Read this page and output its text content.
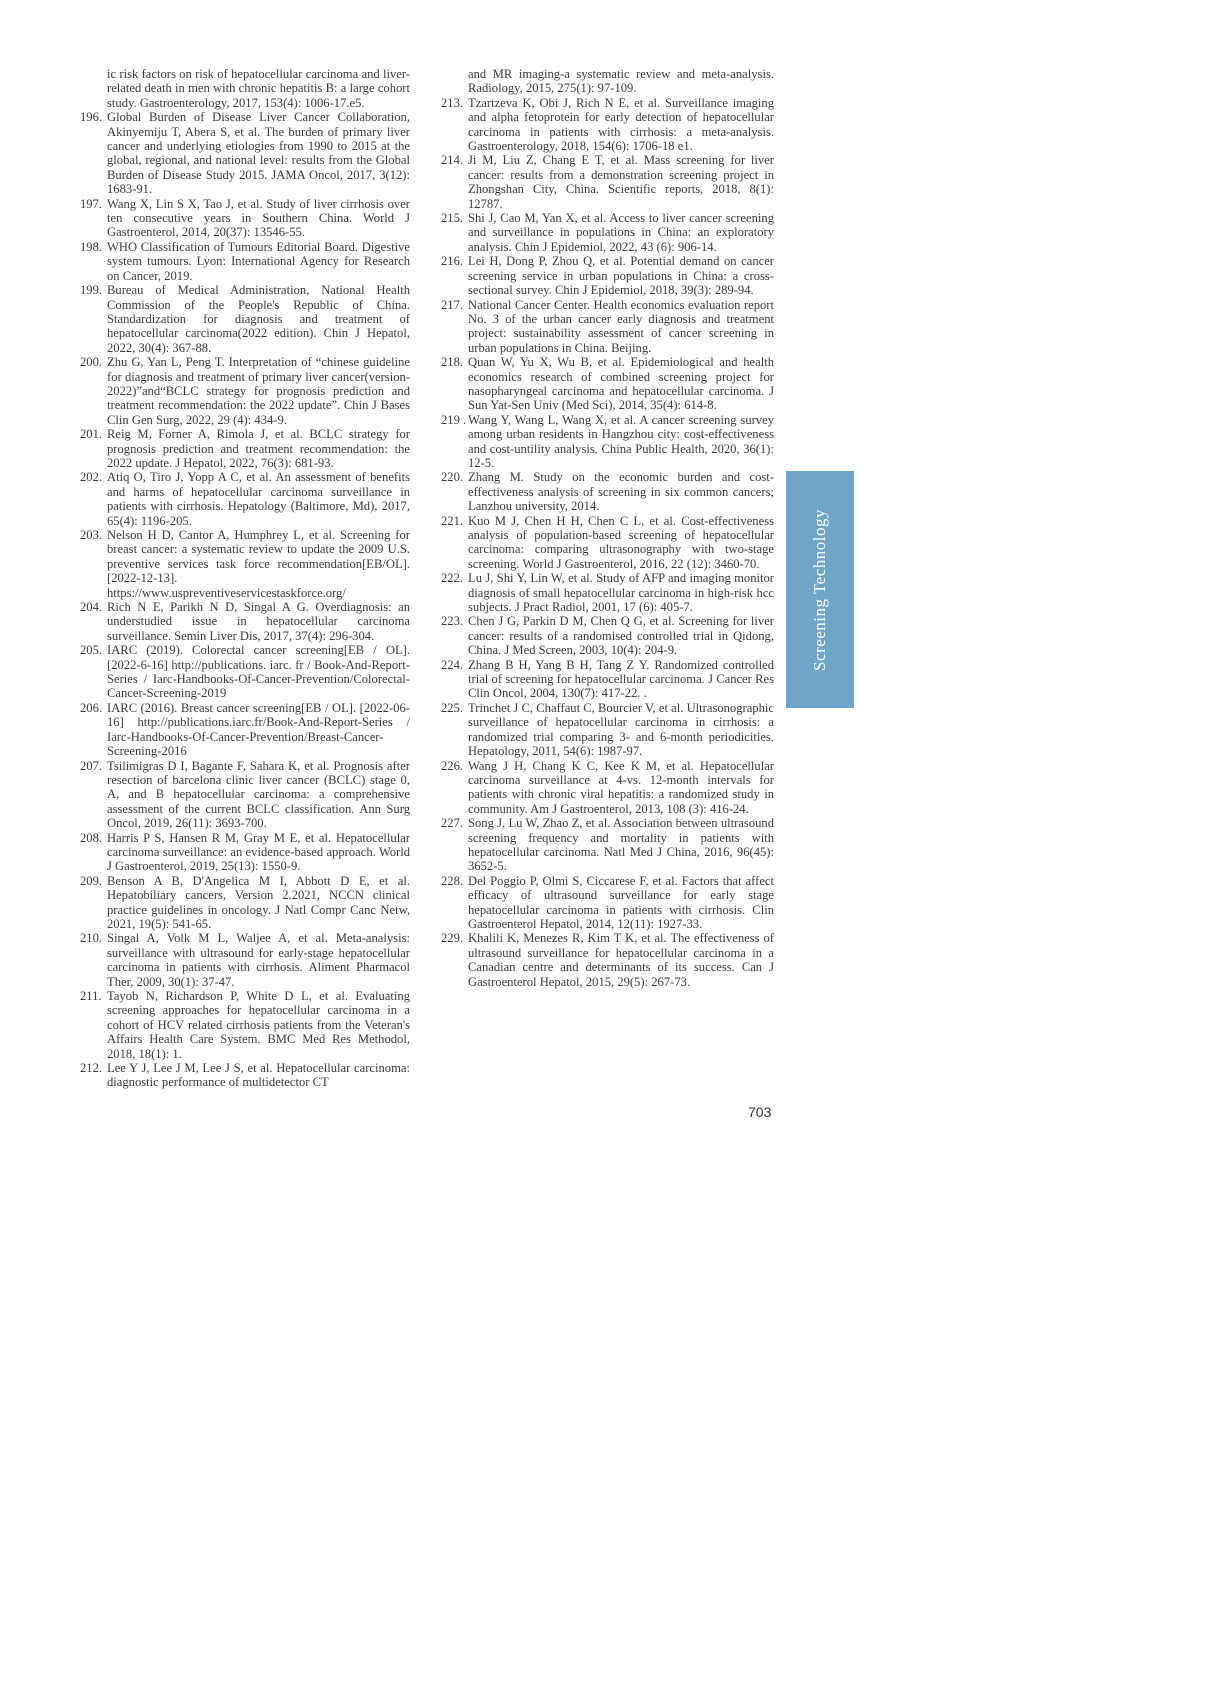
ic risk factors on risk of hepatocellular carcinoma and liver-related death in men with chronic hepatitis B: a large cohort study. Gastroenterology, 2017, 153(4): 1006-17.e5.

196. Global Burden of Disease Liver Cancer Collaboration, Akinyemiju T, Abera S, et al. The burden of primary liver cancer and underlying etiologies from 1990 to 2015 at the global, regional, and national level: results from the Global Burden of Disease Study 2015. JAMA Oncol, 2017, 3(12): 1683-91.

197. Wang X, Lin S X, Tao J, et al. Study of liver cirrhosis over ten consecutive years in Southern China. World J Gastroenterol, 2014, 20(37): 13546-55.

198. WHO Classification of Tumours Editorial Board. Digestive system tumours. Lyon: International Agency for Research on Cancer, 2019.

199. Bureau of Medical Administration, National Health Commission of the People's Republic of China. Standardization for diagnosis and treatment of hepatocellular carcinoma(2022 edition). Chin J Hepatol, 2022, 30(4): 367-88.

200. Zhu G, Yan L, Peng T. Interpretation of “chinese guideline for diagnosis and treatment of primary liver cancer(version-2022)”and“BCLC strategy for prognosis prediction and treatment recommendation: the 2022 update”. Chin J Bases Clin Gen Surg, 2022, 29 (4): 434-9.

201. Reig M, Forner A, Rimola J, et al. BCLC strategy for prognosis prediction and treatment recommendation: the 2022 update. J Hepatol, 2022, 76(3): 681-93.

202. Atiq O, Tiro J, Yopp A C, et al. An assessment of benefits and harms of hepatocellular carcinoma surveillance in patients with cirrhosis. Hepatology (Baltimore, Md), 2017, 65(4): 1196-205.

203. Nelson H D, Cantor A, Humphrey L, et al. Screening for breast cancer: a systematic review to update the 2009 U.S. preventive services task force recommendation[EB/OL]. [2022-12-13]. https://www.uspreventiveservicestaskforce.org/

204. Rich N E, Parikh N D, Singal A G. Overdiagnosis: an understudied issue in hepatocellular carcinoma surveillance. Semin Liver Dis, 2017, 37(4): 296-304.

205. IARC (2019). Colorectal cancer screening[EB / OL]. [2022-6-16] http://publications. iarc. fr / Book-And-Report-Series / Iarc-Handbooks-Of-Cancer-Prevention/Colorectal-Cancer-Screening-2019

206. IARC (2016). Breast cancer screening[EB / OL]. [2022-06-16] http://publications.iarc.fr/Book-And-Report-Series / Iarc-Handbooks-Of-Cancer-Prevention/Breast-Cancer-Screening-2016

207. Tsilimigras D I, Bagante F, Sahara K, et al. Prognosis after resection of barcelona clinic liver cancer (BCLC) stage 0, A, and B hepatocellular carcinoma: a comprehensive assessment of the current BCLC classification. Ann Surg Oncol, 2019, 26(11): 3693-700.

208. Harris P S, Hansen R M, Gray M E, et al. Hepatocellular carcinoma surveillance: an evidence-based approach. World J Gastroenterol, 2019, 25(13): 1550-9.

209. Benson A B, D'Angelica M I, Abbott D E, et al. Hepatobiliary cancers, Version 2.2021, NCCN clinical practice guidelines in oncology. J Natl Compr Canc Netw, 2021, 19(5): 541-65.

210. Singal A, Volk M L, Waljee A, et al. Meta-analysis: surveillance with ultrasound for early-stage hepatocellular carcinoma in patients with cirrhosis. Aliment Pharmacol Ther, 2009, 30(1): 37-47.

211. Tayob N, Richardson P, White D L, et al. Evaluating screening approaches for hepatocellular carcinoma in a cohort of HCV related cirrhosis patients from the Veteran's Affairs Health Care System. BMC Med Res Methodol, 2018, 18(1): 1.

212. Lee Y J, Lee J M, Lee J S, et al. Hepatocellular carcinoma: diagnostic performance of multidetector CT

and MR imaging-a systematic review and meta-analysis. Radiology, 2015, 275(1): 97-109.

213. Tzartzeva K, Obi J, Rich N E, et al. Surveillance imaging and alpha fetoprotein for early detection of hepatocellular carcinoma in patients with cirrhosis: a meta-analysis. Gastroenterology, 2018, 154(6): 1706-18 e1.

214. Ji M, Liu Z, Chang E T, et al. Mass screening for liver cancer: results from a demonstration screening project in Zhongshan City, China. Scientific reports, 2018, 8(1): 12787.

215. Shi J, Cao M, Yan X, et al. Access to liver cancer screening and surveillance in populations in China: an exploratory analysis. Chin J Epidemiol, 2022, 43 (6): 906-14.

216. Lei H, Dong P, Zhou Q, et al. Potential demand on cancer screening service in urban populations in China: a cross-sectional survey. Chin J Epidemiol, 2018, 39(3): 289-94.

217. National Cancer Center. Health economics evaluation report No. 3 of the urban cancer early diagnosis and treatment project: sustainability assessment of cancer screening in urban populations in China. Beijing.

218. Quan W, Yu X, Wu B, et al. Epidemiological and health economics research of combined screening project for nasopharyngeal carcinoma and hepatocellular carcinoma. J Sun Yat-Sen Univ (Med Sci), 2014, 35(4): 614-8.

219 . Wang Y, Wang L, Wang X, et al. A cancer screening survey among urban residents in Hangzhou city: cost-effectiveness and cost-untility analysis. China Public Health, 2020, 36(1): 12-5.

220. Zhang M. Study on the economic burden and cost-effectiveness analysis of screening in six common cancers; Lanzhou university, 2014.

221. Kuo M J, Chen H H, Chen C L, et al. Cost-effectiveness analysis of population-based screening of hepatocellular carcinoma: comparing ultrasonography with two-stage screening. World J Gastroenterol, 2016, 22 (12): 3460-70.

222. Lu J, Shi Y, Lin W, et al. Study of AFP and imaging monitor diagnosis of small hepatocellular carcinoma in high-risk hcc subjects. J Pract Radiol, 2001, 17 (6): 405-7.

223. Chen J G, Parkin D M, Chen Q G, et al. Screening for liver cancer: results of a randomised controlled trial in Qidong, China. J Med Screen, 2003, 10(4): 204-9.

224. Zhang B H, Yang B H, Tang Z Y. Randomized controlled trial of screening for hepatocellular carcinoma. J Cancer Res Clin Oncol, 2004, 130(7): 417-22. .

225. Trinchet J C, Chaffaut C, Bourcier V, et al. Ultrasonographic surveillance of hepatocellular carcinoma in cirrhosis: a randomized trial comparing 3- and 6-month periodicities. Hepatology, 2011, 54(6): 1987-97.

226. Wang J H, Chang K C, Kee K M, et al. Hepatocellular carcinoma surveillance at 4-vs. 12-month intervals for patients with chronic viral hepatitis: a randomized study in community. Am J Gastroenterol, 2013, 108 (3): 416-24.

227. Song J, Lu W, Zhao Z, et al. Association between ultrasound screening frequency and mortality in patients with hepatocellular carcinoma. Natl Med J China, 2016, 96(45): 3652-5.

228. Del Poggio P, Olmi S, Ciccarese F, et al. Factors that affect efficacy of ultrasound surveillance for early stage hepatocellular carcinoma in patients with cirrhosis. Clin Gastroenterol Hepatol, 2014, 12(11): 1927-33.

229. Khalili K, Menezes R, Kim T K, et al. The effectiveness of ultrasound surveillance for hepatocellular carcinoma in a Canadian centre and determinants of its success. Can J Gastroenterol Hepatol, 2015, 29(5): 267-73.

Screening Technology
703
